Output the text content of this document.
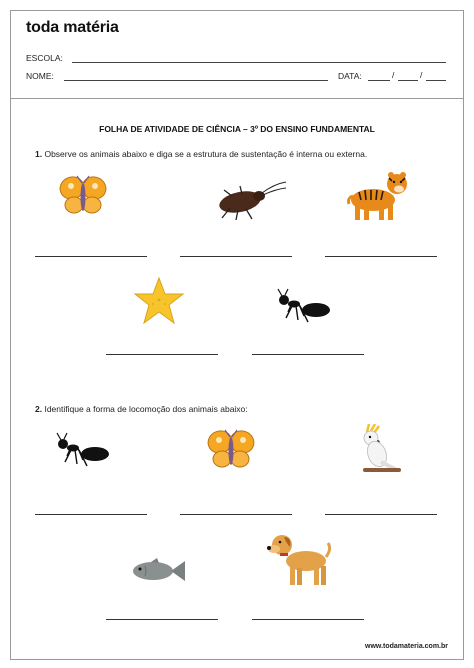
toda matéria
ESCOLA:
NOME:	DATA:	/	/
FOLHA DE ATIVIDADE DE CIÊNCIA – 3º DO ENSINO FUNDAMENTAL
1. Observe os animais abaixo e diga se a estrutura de sustentação é interna ou externa.
2. Identifique a forma de locomoção dos animais abaixo:
www.todamateria.com.br
